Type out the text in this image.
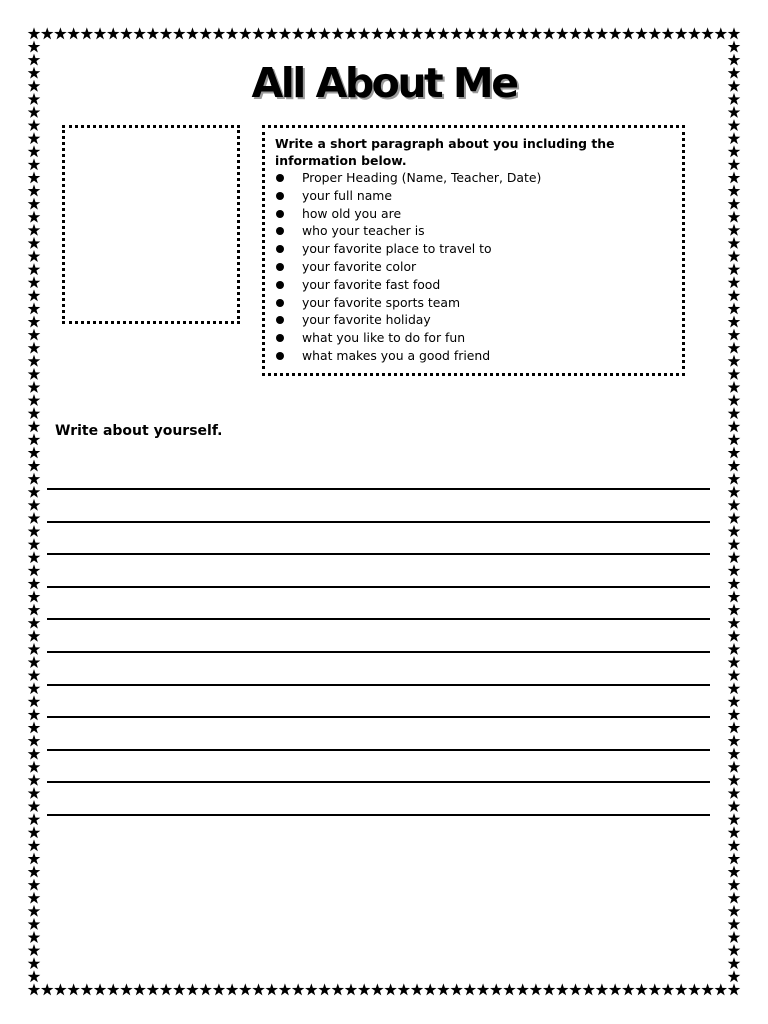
All About Me

Write a short paragraph about you including the information below.

Proper Heading (Name, Teacher, Date)
your full name
how old you are
who your teacher is
your favorite place to travel to
your favorite color
your favorite fast food
your favorite sports team
your favorite holiday
what you like to do for fun
what makes you a good friend

Write about yourself.
